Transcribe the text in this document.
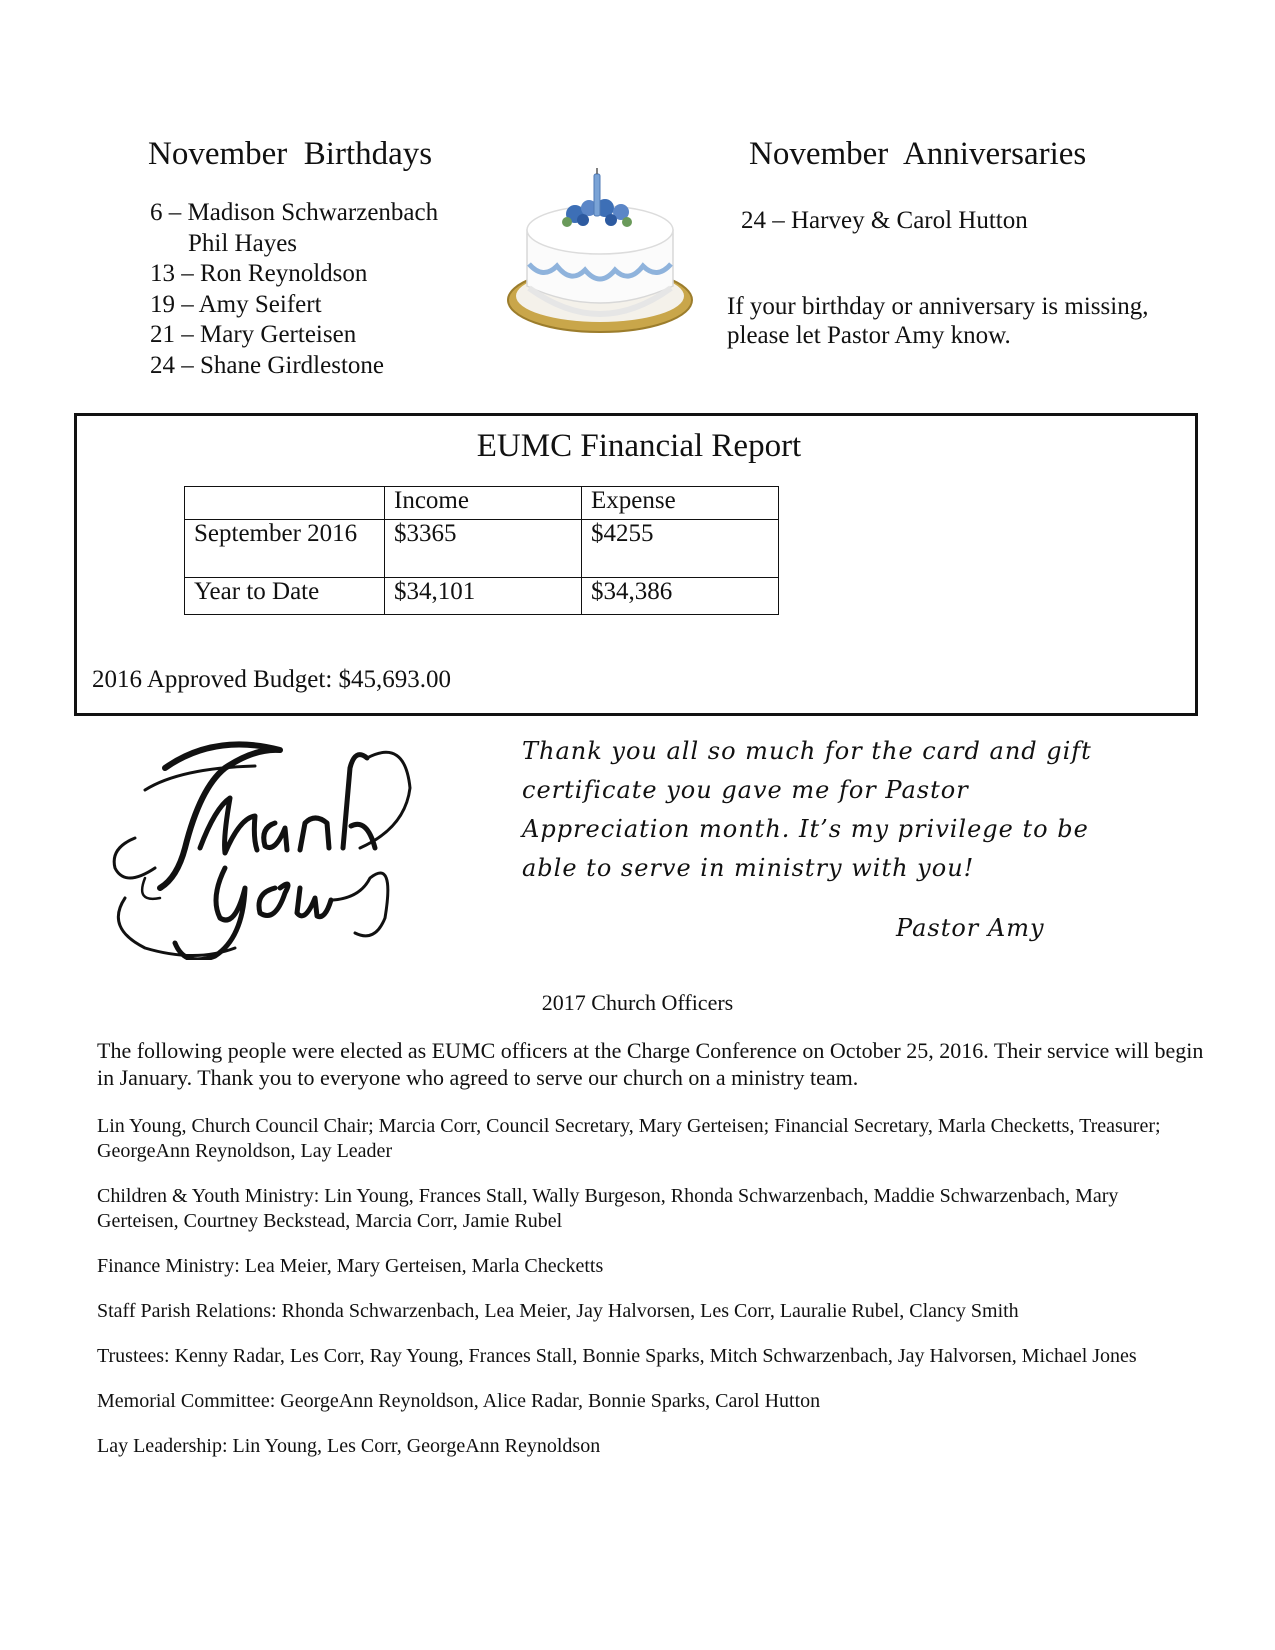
November  Birthdays
6 – Madison Schwarzenbach
Phil Hayes
13 – Ron Reynoldson
19 – Amy Seifert
21 – Mary Gerteisen
24 – Shane Girdlestone
November  Anniversaries
24 – Harvey & Carol Hutton
If your birthday or anniversary is missing, please let Pastor Amy know.
EUMC Financial Report
	Income	Expense
September 2016	$3365	$4255
Year to Date	$34,101	$34,386
2016 Approved Budget: $45,693.00
Thank you all so much for the card and gift certificate you gave me for Pastor Appreciation month. It’s my privilege to be able to serve in ministry with you!
Pastor Amy
2017 Church Officers
The following people were elected as EUMC officers at the Charge Conference on October 25, 2016. Their service will begin in January. Thank you to everyone who agreed to serve our church on a ministry team.

Lin Young, Church Council Chair; Marcia Corr, Council Secretary, Mary Gerteisen; Financial Secretary, Marla Checketts, Treasurer; GeorgeAnn Reynoldson, Lay Leader

Children & Youth Ministry: Lin Young, Frances Stall, Wally Burgeson, Rhonda Schwarzenbach, Maddie Schwarzenbach, Mary Gerteisen, Courtney Beckstead, Marcia Corr, Jamie Rubel

Finance Ministry: Lea Meier, Mary Gerteisen, Marla Checketts

Staff Parish Relations: Rhonda Schwarzenbach, Lea Meier, Jay Halvorsen, Les Corr, Lauralie Rubel, Clancy Smith

Trustees: Kenny Radar, Les Corr, Ray Young, Frances Stall, Bonnie Sparks, Mitch Schwarzenbach, Jay Halvorsen, Michael Jones

Memorial Committee: GeorgeAnn Reynoldson, Alice Radar, Bonnie Sparks, Carol Hutton

Lay Leadership: Lin Young, Les Corr, GeorgeAnn Reynoldson
